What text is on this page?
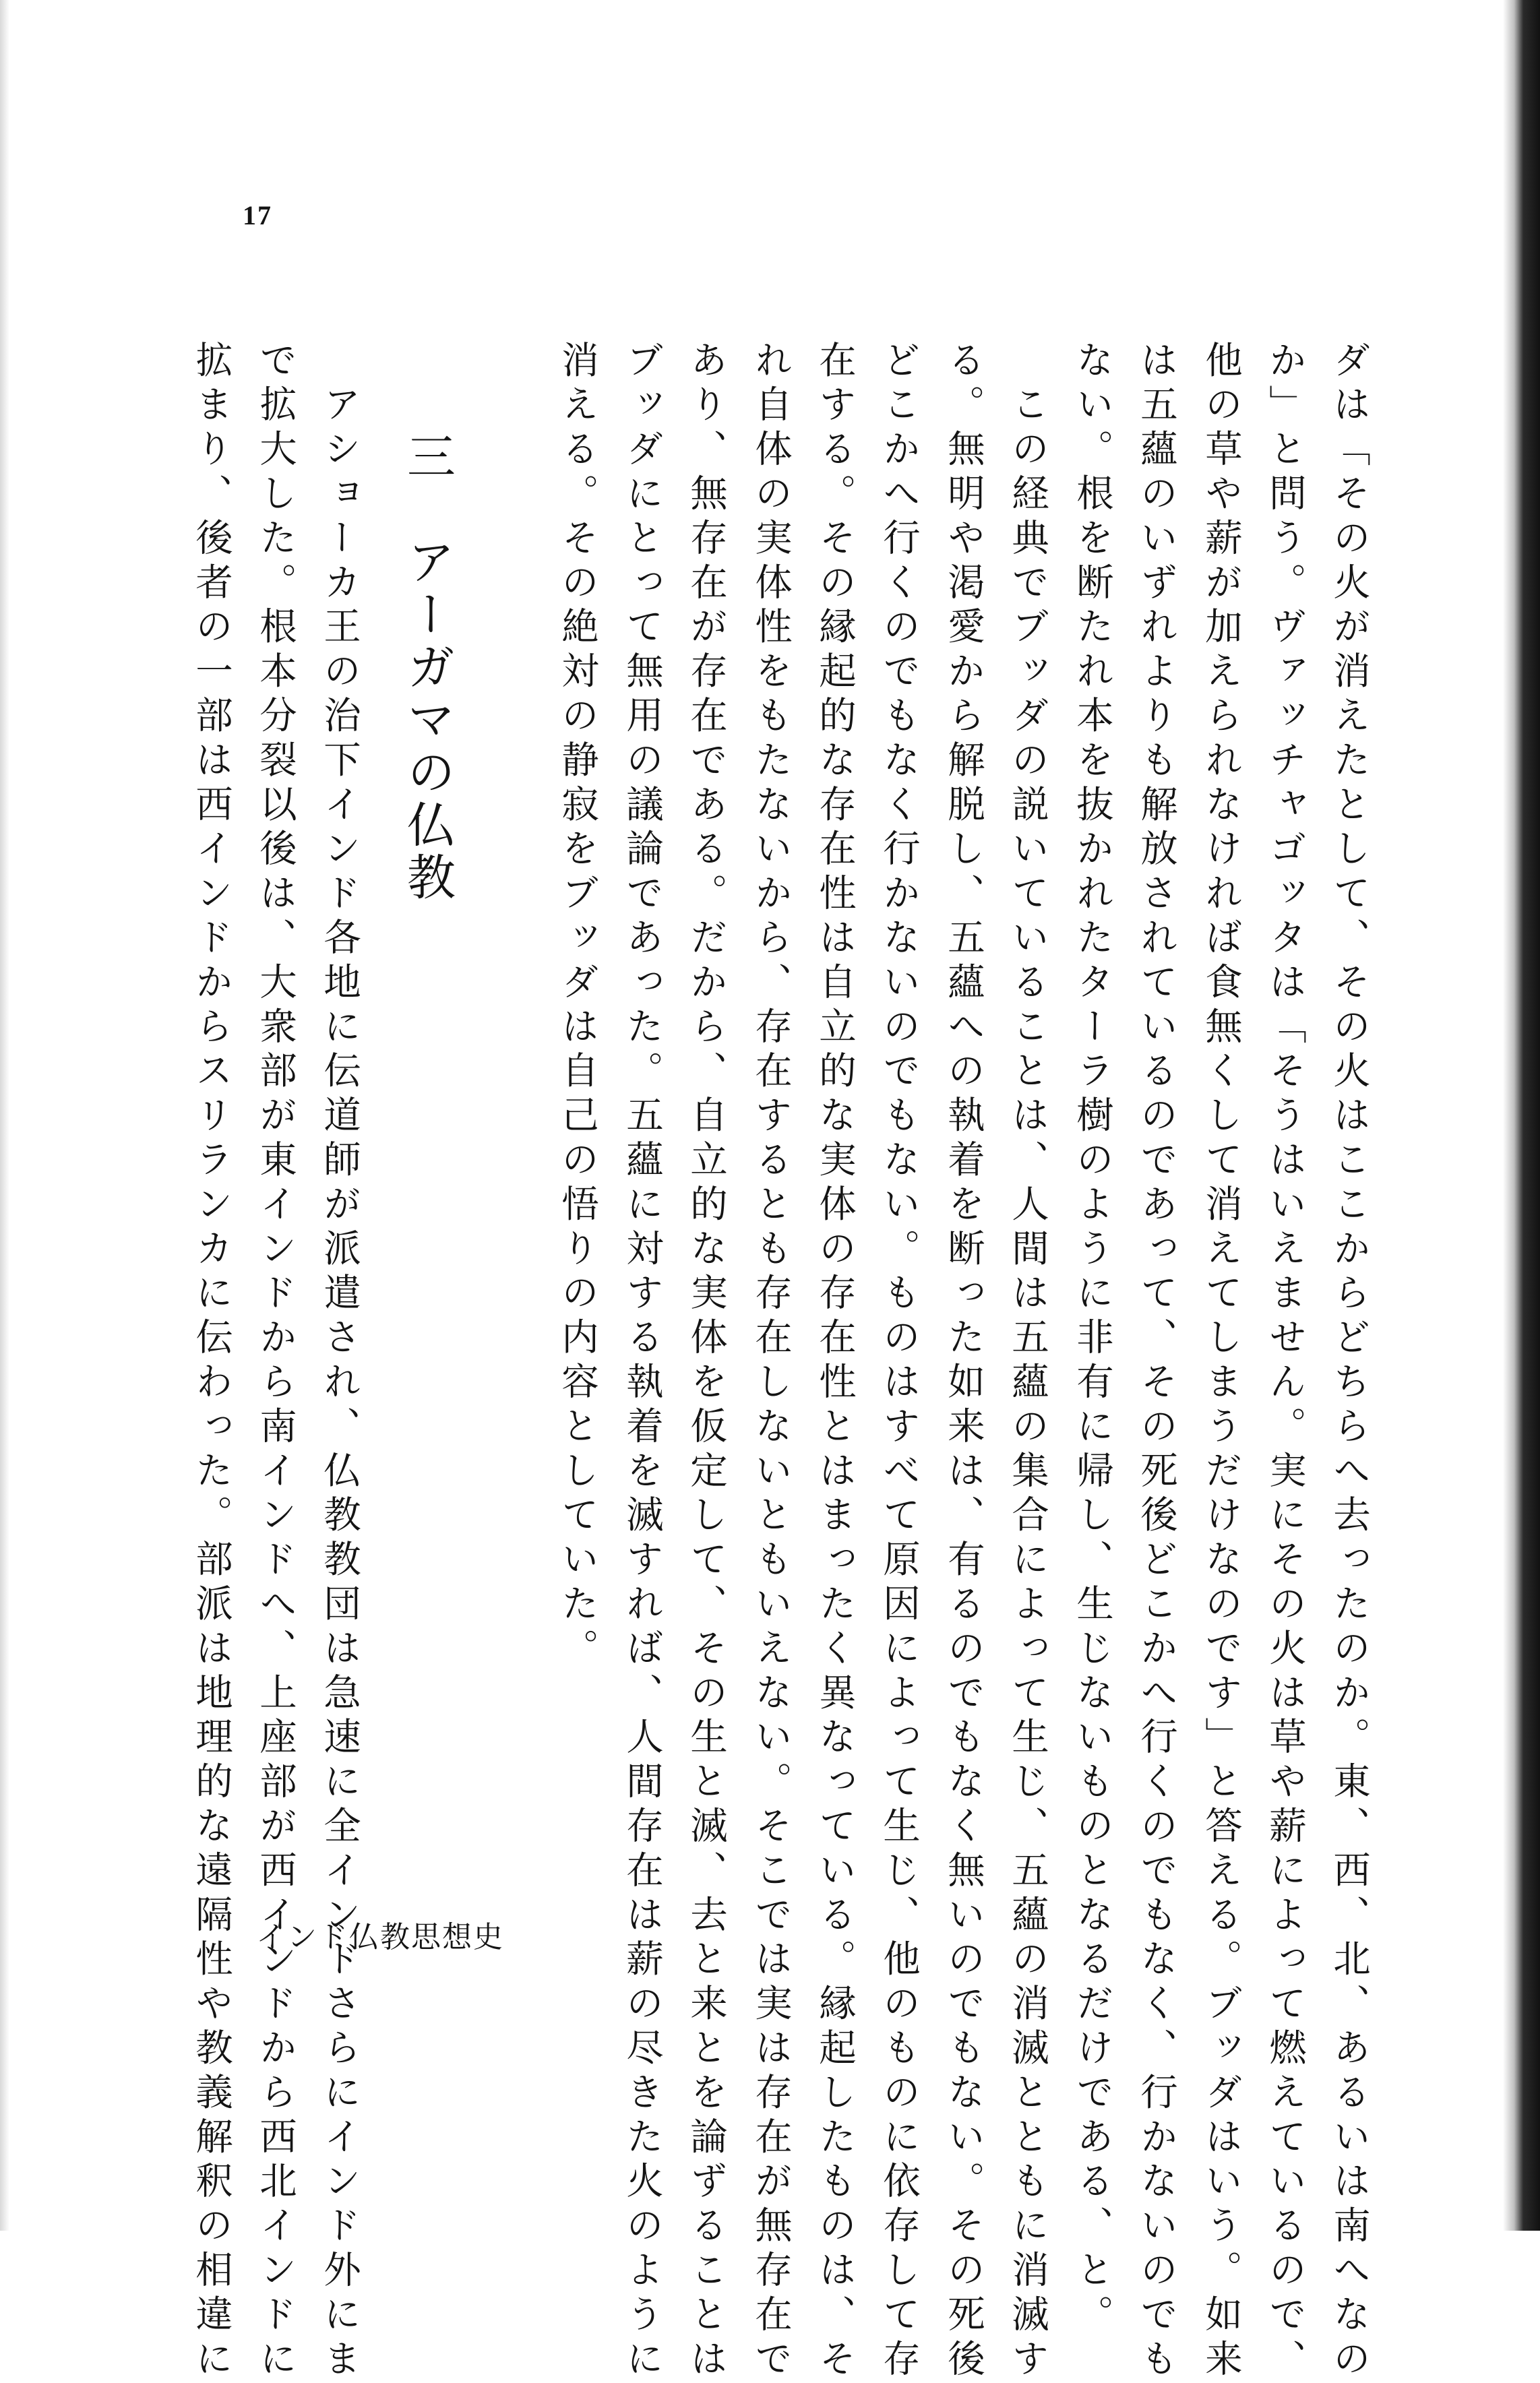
17
ダは「その火が消えたとして、その火はここからどちらへ去ったのか。東、西、北、あるいは南へなの
か」と問う。ヴァッチャゴッタは「そうはいえません。実にその火は草や薪によって燃えているので、
他の草や薪が加えられなければ食無くして消えてしまうだけなのです」と答える。ブッダはいう。如来
は五蘊のいずれよりも解放されているのであって、その死後どこかへ行くのでもなく、行かないのでも
ない。根を断たれ本を抜かれたターラ樹のように非有に帰し、生じないものとなるだけである、と。
　この経典でブッダの説いていることは、人間は五蘊の集合によって生じ、五蘊の消滅とともに消滅す
る。無明や渇愛から解脱し、五蘊への執着を断った如来は、有るのでもなく無いのでもない。その死後
どこかへ行くのでもなく行かないのでもない。ものはすべて原因によって生じ、他のものに依存して存
在する。その縁起的な存在性は自立的な実体の存在性とはまったく異なっている。縁起したものは、そ
れ自体の実体性をもたないから、存在するとも存在しないともいえない。そこでは実は存在が無存在で
あり、無存在が存在である。だから、自立的な実体を仮定して、その生と滅、去と来とを論ずることは
ブッダにとって無用の議論であった。五蘊に対する執着を滅すれば、人間存在は薪の尽きた火のように
消える。その絶対の静寂をブッダは自己の悟りの内容としていた。
三　アーガマの仏教
　アショーカ王の治下インド各地に伝道師が派遣され、仏教教団は急速に全インドさらにインド外にま
で拡大した。根本分裂以後は、大衆部が東インドから南インドへ、上座部が西インドから西北インドに
拡まり、後者の一部は西インドからスリランカに伝わった。部派は地理的な遠隔性や教義解釈の相違に インド仏教思想史
